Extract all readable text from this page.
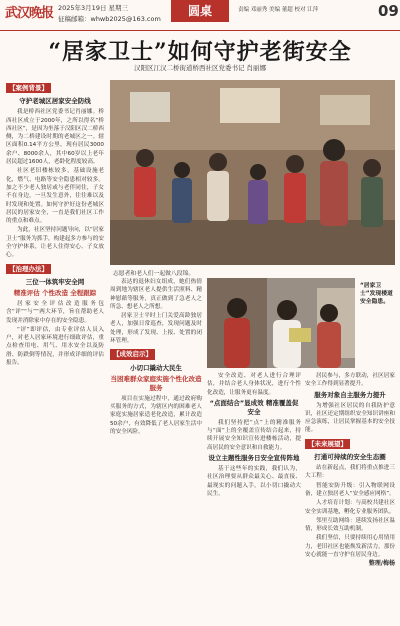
武汉晚报 2025年3月19日 星期三
征稿邮箱：whwb2025@163.com
圆桌	责编 邓丽秀 美编 董超 校对 江萍	09
“居家卫士”如何守护老街安全
汉阳区江汉二桥街道桥西社区党委书记 肖丽娜
【案例背景】
守护老城区居家安全防线

我是桥西社区党委书记肖丽娜。桥西社区成立于2000年，之所以得名“桥西社区”，是因为坐落于汉阳区汉二桥西侧，为二桥建设时期的老城区之一。辖区面积0.14平方公里，现有居民3000余户、8000余人，其中60岁以上老年居民超过1600人，老龄化程度较高。

社区老旧楼栋较多，基础设施老化，燃气、电路等安全隐患相对较多。加之不少老人独居或与老伴同住，子女不在身边，一旦发生意外，往往难以及时发现和处置。如何守护好这份老城区居民的居家安全，一直是我们社区工作的重点和难点。

为此，社区坚持问题导向，以“居家卫士”服务为抓手，构建起多方参与的安全守护体系，让老人住得安心、子女放心。

【治理办法】
三位一体筑牢安全网
精准评估 个性改造 全程跟踪

居家安全评估改造服务包含“评”“与”“两大环节，旨在帮助老人发现并消除家中存在的安全隐患。

“评”即评估，由专业评估人员入户，对老人居家环境进行细致评估，重点检查用电、用气、用水安全以及防滑、防跌倒等情况，并形成详细的评估报告。

志愿者和老人们一起做八段锦。

表达的退休妇女组成，她们热情周到地为辖区老人提供生活照料、精神慰藉等服务，真正做到了急老人之所急、想老人之所想。

居家卫士平时上门关爱高龄独居老人，加强日常巡查，发现问题及时处理，形成了发现、上报、处置的闭环管理。

【成效启示】
小切口撬动大民生
当困难群众家庭实施个性化改造服务

项目在实施过程中，通过政府购买服务的方式，为辖区内的困难老人家庭实施居家适老化改造，累计改造50余户，有效降低了老人居家生活中的安全风险。

“居家卫士”发现楼道安全隐患。

安全改造、对老人进行合理评估，并结合老人身体状况，进行个性化改造，让服务更有温度。

“点面结合”显成效 精准覆盖促安全

我们坚持把“点”上的精准服务与“面”上的全覆盖宣传结合起来，持续开展安全知识宣传进楼栋活动，提高居民的安全意识和自救能力。

设立主题性服务日安全宣传阵地

基于这些年的实践，我们认为，社区治理要从群众最关心、最直接、最现实的问题入手，以小切口撬动大民生。

居民参与，多方联动，社区居家安全工作得到显著提升。

服务对象自主服务力提升

为增强社区居民的自我防护意识，社区还定期组织安全知识讲座和应急演练，让居民掌握基本的安全技能。

【未来展望】
打通可持续的安全生态圈

站在新起点，我们将重点推进三大工程：

智能安防升级：引入物联网设备，建立独居老人“安全感应网格”。

人才培育计划：与高校共建社区安全实训基地，孵化专业服务团队。

邻里互助网络：延续发扬社区温情，形成长效互助机制。

我们坚信，只要持续用心用情用力，老旧社区也能焕发新活力，那份安心就能一直守护在居民身边。

整理/梅杨
